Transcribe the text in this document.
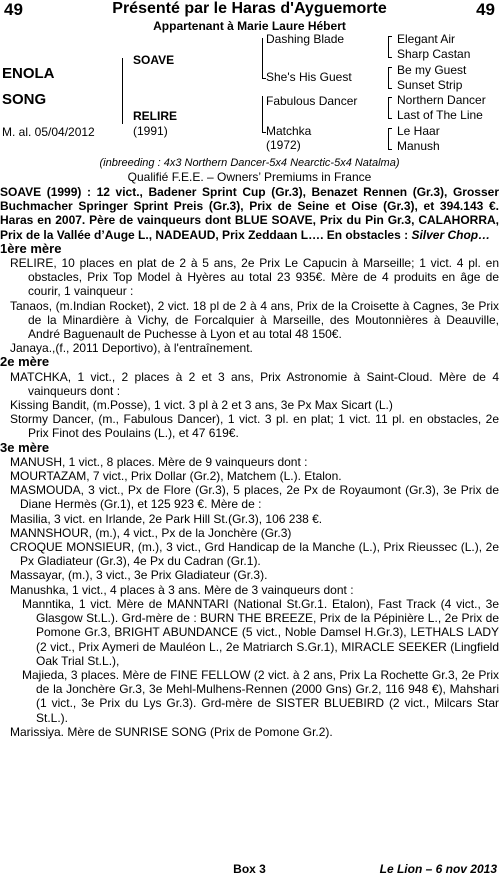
49	49
Présenté par le Haras d'Ayguemorte
Appartenant à Marie Laure Hébert
ENOLA
SONG
M. al. 05/04/2012
SOAVE
RELIRE
(1991)
Dashing Blade
She's His Guest
Fabulous Dancer
Matchka
(1972)
Elegant Air
Sharp Castan
Be my Guest
Sunset Strip
Northern Dancer
Last of The Line
Le Haar
Manush
(inbreeding : 4x3 Northern Dancer-5x4 Nearctic-5x4 Natalma)
Qualifié F.E.E. – Owners’ Premiums in France

SOAVE (1999) : 12 vict., Badener Sprint Cup (Gr.3), Benazet Rennen (Gr.3), Grosser Buchmacher Springer Sprint Preis (Gr.3), Prix de Seine et Oise (Gr.3), et 394.143 €. Haras en 2007. Père de vainqueurs dont BLUE SOAVE, Prix du Pin Gr.3, CALAHORRA, Prix de la Vallée d’Auge L., NADEAUD, Prix Zeddaan L…. En obstacles : Silver Chop…

1ère mère

RELIRE, 10 places en plat de 2 à 5 ans, 2e Prix Le Capucin à Marseille; 1 vict. 4 pl. en obstacles, Prix Top Model à Hyères au total 23 935€. Mère de 4 produits en âge de courir, 1 vainqueur :

Tanaos, (m.Indian Rocket), 2 vict. 18 pl de 2 à 4 ans, Prix de la Croisette à Cagnes, 3e Prix de la Minardière à Vichy, de Forcalquier à Marseille, des Moutonnières à Deauville, André Baguenault de Puchesse à Lyon et au total 48 150€.

Janaya.,(f., 2011 Deportivo), à l'entraînement.

2e mère

MATCHKA, 1 vict., 2 places à 2 et 3 ans, Prix Astronomie à Saint-Cloud. Mère de 4 vainqueurs dont :

Kissing Bandit, (m.Posse), 1 vict. 3 pl à 2 et 3 ans, 3e Px Max Sicart (L.)

Stormy Dancer, (m., Fabulous Dancer), 1 vict. 3 pl. en plat; 1 vict. 11 pl. en obstacles, 2e Prix Finot des Poulains (L.), et 47 619€.

3e mère

MANUSH, 1 vict., 8 places. Mère de 9 vainqueurs dont :

MOURTAZAM, 7 vict., Prix Dollar (Gr.2), Matchem (L.). Etalon.

MASMOUDA, 3 vict., Px de Flore (Gr.3), 5 places, 2e Px de Royaumont (Gr.3), 3e Prix de Diane Hermès (Gr.1), et 125 923 €. Mère de :

Masilia, 3 vict. en Irlande, 2e Park Hill St.(Gr.3), 106 238 €.

MANNSHOUR, (m.), 4 vict., Px de la Jonchère (Gr.3)

CROQUE MONSIEUR, (m.), 3 vict., Grd Handicap de la Manche (L.), Prix Rieussec (L.), 2e Px Gladiateur (Gr.3), 4e Px du Cadran (Gr.1).

Massayar, (m.), 3 vict., 3e Prix Gladiateur (Gr.3).

Manushka, 1 vict., 4 places à 3 ans. Mère de 3 vainqueurs dont :

Manntika, 1 vict. Mère de MANNTARI (National St.Gr.1. Etalon), Fast Track (4 vict., 3e Glasgow St.L.). Grd-mère de : BURN THE BREEZE, Prix de la Pépinière L., 2e Prix de Pomone Gr.3, BRIGHT ABUNDANCE (5 vict., Noble Damsel H.Gr.3), LETHALS LADY (2 vict., Prix Aymeri de Mauléon L., 2e Matriarch S.Gr.1), MIRACLE SEEKER (Lingfield Oak Trial St.L.),

Majieda, 3 places. Mère de FINE FELLOW (2 vict. à 2 ans, Prix La Rochette Gr.3, 2e Prix de la Jonchère Gr.3, 3e Mehl-Mulhens-Rennen (2000 Gns) Gr.2, 116 948 €), Mahshari (1 vict., 3e Prix du Lys Gr.3). Grd-mère de SISTER BLUEBIRD (2 vict., Milcars Star St.L.).

Marissiya. Mère de SUNRISE SONG (Prix de Pomone Gr.2).

Box 3	Le Lion – 6 nov 2013
